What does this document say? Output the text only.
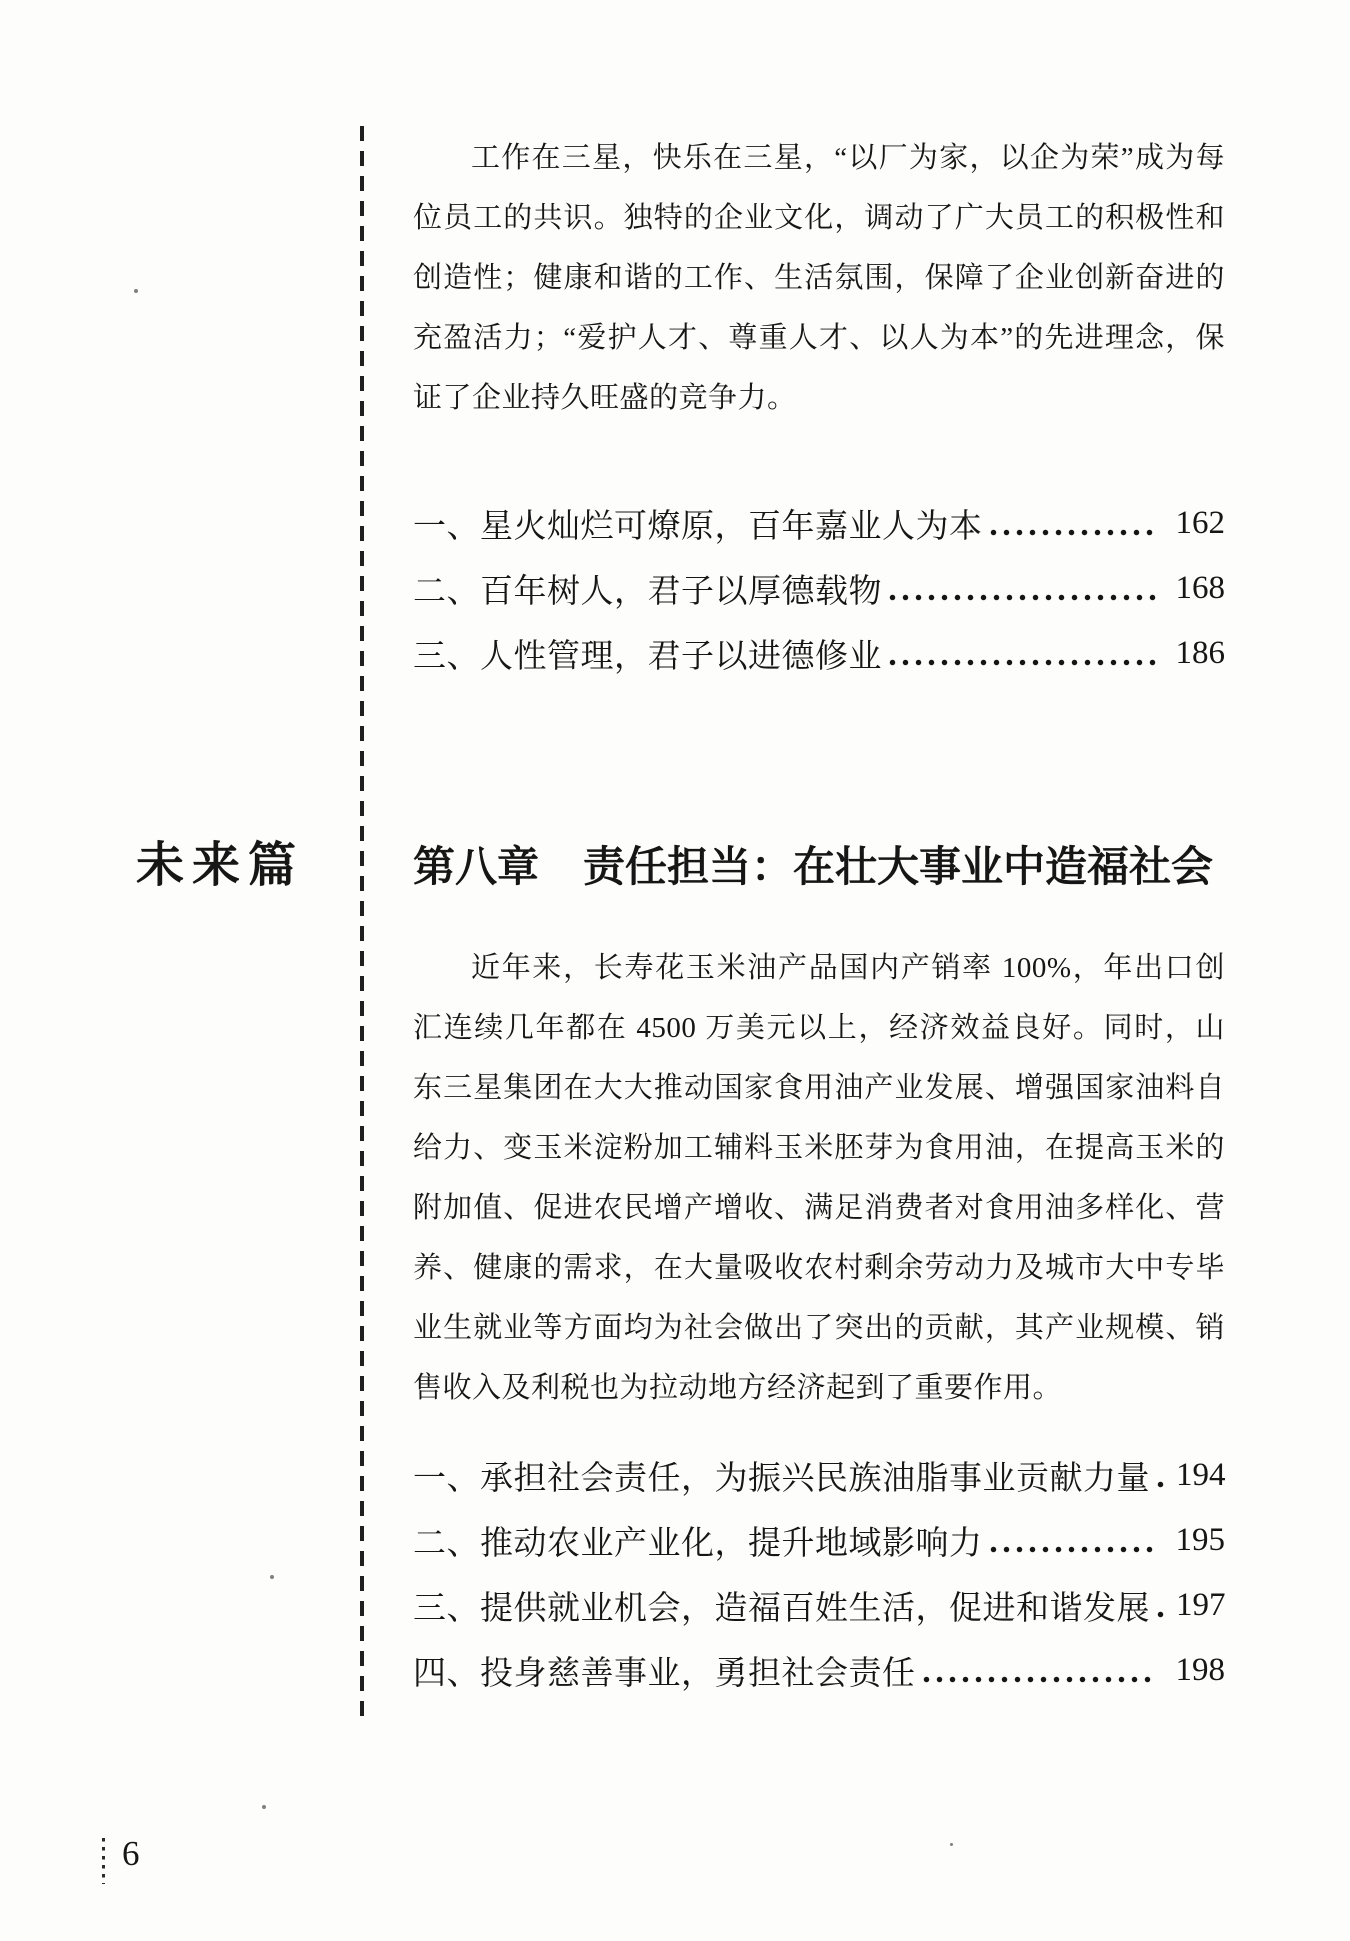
工作在三星，快乐在三星，“以厂为家，以企为荣”成为每位员工的共识。独特的企业文化，调动了广大员工的积极性和创造性；健康和谐的工作、生活氛围，保障了企业创新奋进的充盈活力；“爱护人才、尊重人才、以人为本”的先进理念，保证了企业持久旺盛的竞争力。

一、星火灿烂可燎原，百年嘉业人为本	162
二、百年树人，君子以厚德载物	168
三、人性管理，君子以进德修业	186
未来篇	第八章 责任担当：在壮大事业中造福社会

近年来，长寿花玉米油产品国内产销率 100%，年出口创汇连续几年都在 4500 万美元以上，经济效益良好。同时，山东三星集团在大大推动国家食用油产业发展、增强国家油料自给力、变玉米淀粉加工辅料玉米胚芽为食用油，在提高玉米的附加值、促进农民增产增收、满足消费者对食用油多样化、营养、健康的需求，在大量吸收农村剩余劳动力及城市大中专毕业生就业等方面均为社会做出了突出的贡献，其产业规模、销售收入及利税也为拉动地方经济起到了重要作用。

一、承担社会责任，为振兴民族油脂事业贡献力量 194
二、推动农业产业化，提升地域影响力	195
三、提供就业机会，造福百姓生活，促进和谐发展 197
四、投身慈善事业，勇担社会责任	198
6
